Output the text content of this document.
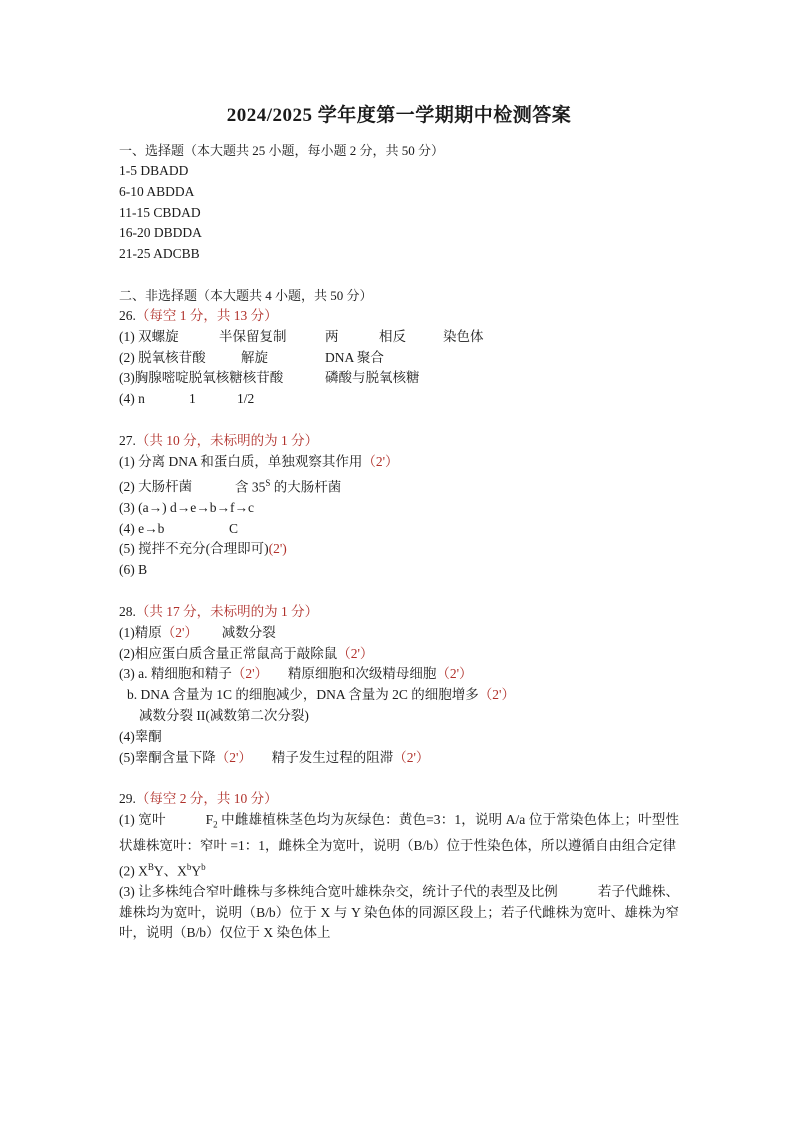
2024/2025 学年度第一学期期中检测答案
一、选择题（本大题共 25 小题，每小题 2 分，共 50 分）
1-5 DBADD
6-10 ABDDA
11-15 CBDAD
16-20 DBDDA
21-25 ADCBB
二、非选择题（本大题共 4 小题，共 50 分）
26.（每空 1 分，共 13 分）
(1) 双螺旋	半保留复制	两	相反	染色体
(2) 脱氧核苷酸	解旋	DNA 聚合
(3)胸腺嘧啶脱氧核糖核苷酸	磷酸与脱氧核糖
(4) n	1	1/2
27.（共 10 分，未标明的为 1 分）
(1) 分离 DNA 和蛋白质，单独观察其作用（2'）
(2) 大肠杆菌	含 $35^S$ 的大肠杆菌
(3) (a→) d→e→b→f→c
(4) e→b	C
(5) 搅拌不充分(合理即可)(2')
(6) B
28.（共 17 分，未标明的为 1 分）
(1)精原（2'） 减数分裂
(2)相应蛋白质含量正常鼠高于敲除鼠（2'）
(3) a. 精细胞和精子（2'） 精原细胞和次级精母细胞（2'）
b. DNA 含量为 1C 的细胞减少，DNA 含量为 2C 的细胞增多（2'）
减数分裂 II(减数第二次分裂)
(4)睾酮
(5)睾酮含量下降（2'） 精子发生过程的阻滞（2'）
29.（每空 2 分，共 10 分）
(1) 宽叶	$F_2$ 中雌雄植株茎色均为灰绿色：黄色=3：1，说明 A/a 位于常染色体上；叶型性状雄株宽叶：窄叶 =1：1，雌株全为宽叶，说明（B/b）位于性染色体，所以遵循自由组合定律
(2) $X^BY$、$X^bY^b$
(3) 让多株纯合窄叶雌株与多株纯合宽叶雄株杂交，统计子代的表型及比例	若子代雌株、雄株均为宽叶，说明（B/b）位于 X 与 Y 染色体的同源区段上；若子代雌株为宽叶、雄株为窄叶，说明（B/b）仅位于 X 染色体上
